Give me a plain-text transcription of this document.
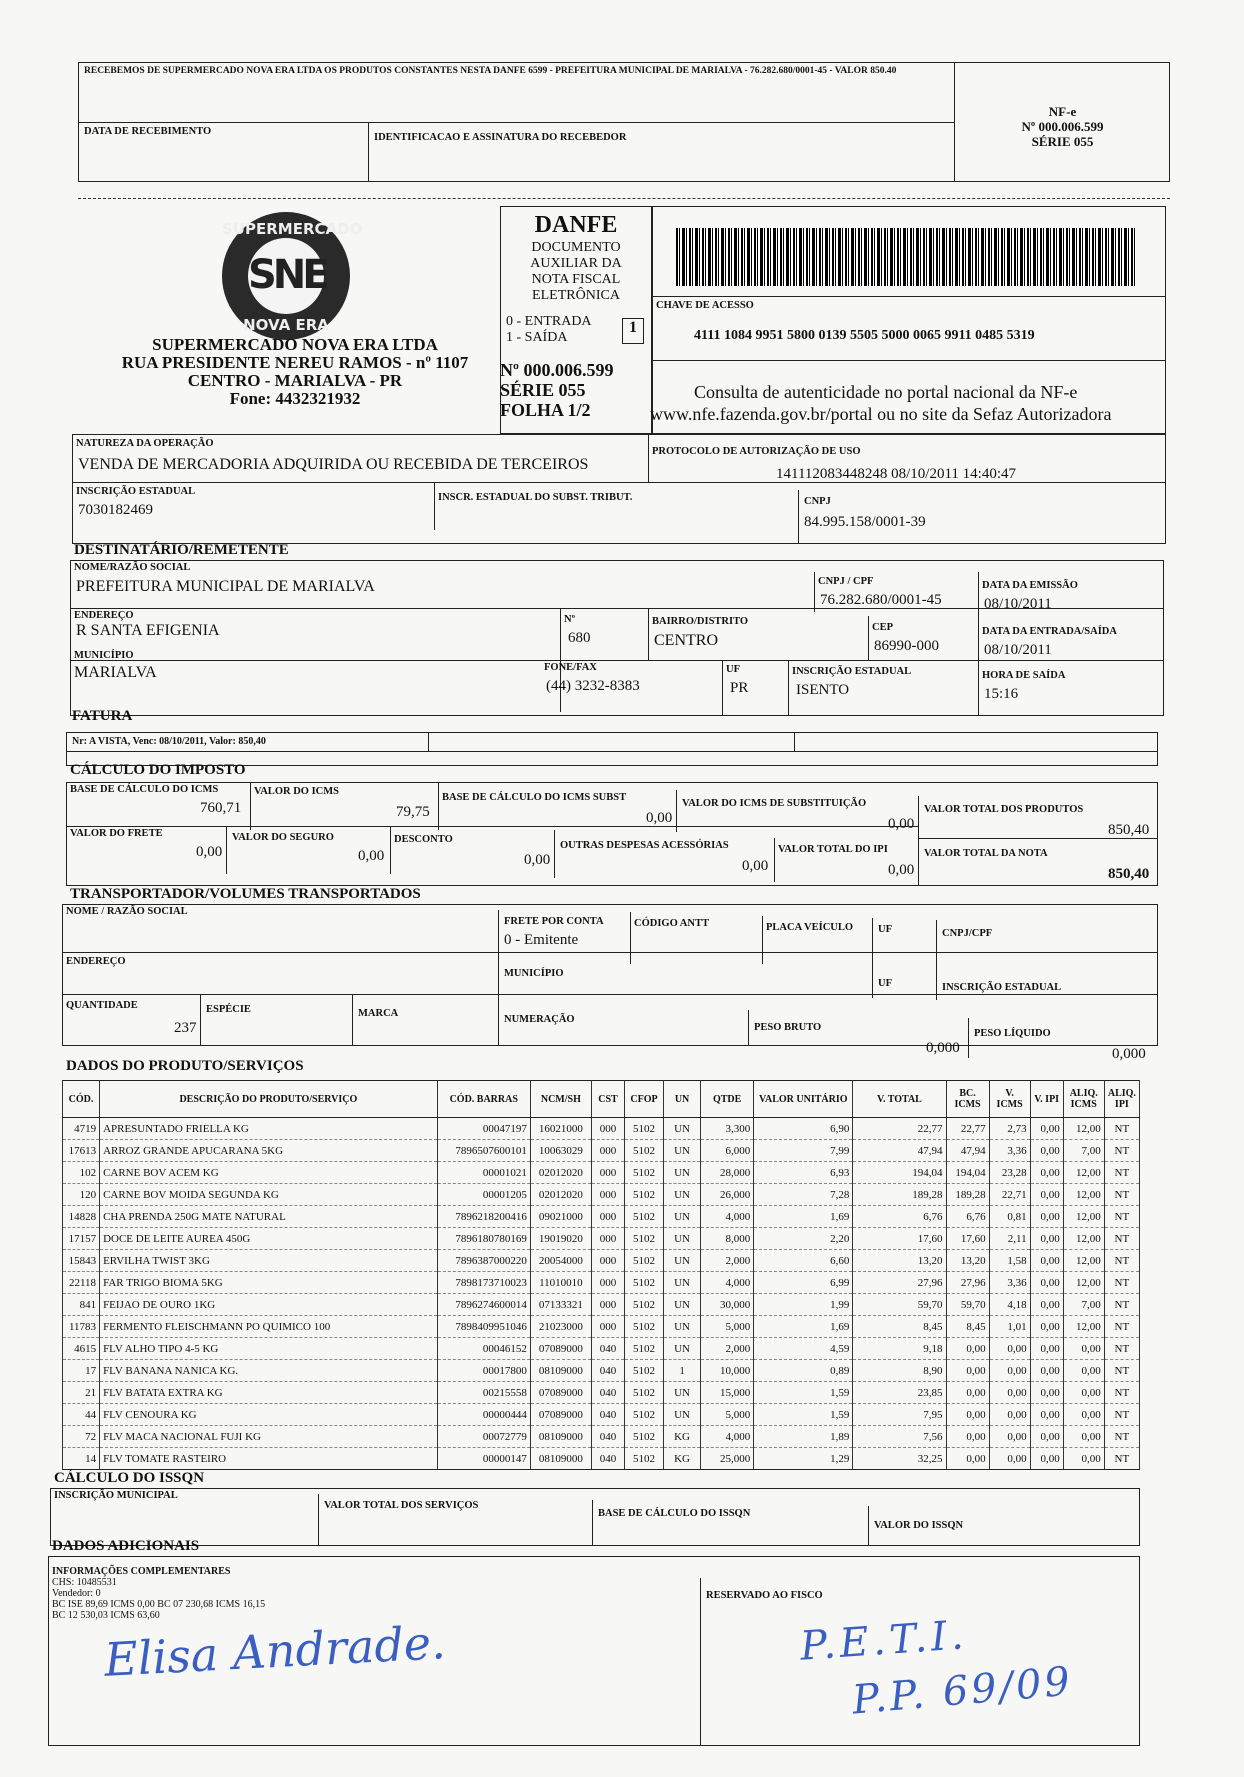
RECEBEMOS DE SUPERMERCADO NOVA ERA LTDA OS PRODUTOS CONSTANTES NESTA DANFE 6599 - PREFEITURA MUNICIPAL DE MARIALVA - 76.282.680/0001-45 - VALOR 850.40
DATA DE RECEBIMENTO
IDENTIFICACAO E ASSINATURA DO RECEBEDOR
NF-e
Nº 000.006.599
SÉRIE 055
SUPERMERCADO
SNE
NOVA ERA
SUPERMERCADO NOVA ERA LTDA
RUA PRESIDENTE NEREU RAMOS - nº 1107
CENTRO - MARIALVA - PR
Fone: 4432321932
DANFE
DOCUMENTO AUXILIAR DA NOTA FISCAL ELETRÔNICA
0 - ENTRADA
1 - SAÍDA
1
Nº 000.006.599
SÉRIE 055
FOLHA 1/2
CHAVE DE ACESSO
4111 1084 9951 5800 0139 5505 5000 0065 9911 0485 5319
Consulta de autenticidade no portal nacional da NF-e
www.nfe.fazenda.gov.br/portal ou no site da Sefaz Autorizadora
NATUREZA DA OPERAÇÃO
VENDA DE MERCADORIA ADQUIRIDA OU RECEBIDA DE TERCEIROS
PROTOCOLO DE AUTORIZAÇÃO DE USO
141112083448248 08/10/2011 14:40:47
INSCRIÇÃO ESTADUAL
7030182469
INSCR. ESTADUAL DO SUBST. TRIBUT.	CNPJ
84.995.158/0001-39
DESTINATÁRIO/REMETENTE
NOME/RAZÃO SOCIAL
PREFEITURA MUNICIPAL DE MARIALVA	CNPJ / CPF
76.282.680/0001-45
DATA DA EMISSÃO
08/10/2011
ENDEREÇO
R SANTA EFIGENIA
Nº
680
BAIRRO/DISTRITO
CENTRO
CEP
86990-000
DATA DA ENTRADA/SAÍDA
08/10/2011
MUNICÍPIO
MARIALVA	FONE/FAX
(44) 3232-8383
UF
PR
INSCRIÇÃO ESTADUAL
ISENTO
HORA DE SAÍDA
15:16
FATURA
Nr: A VISTA, Venc: 08/10/2011, Valor: 850,40
CÁLCULO DO IMPOSTO
BASE DE CÁLCULO DO ICMS
760,71
VALOR DO ICMS
79,75
BASE DE CÁLCULO DO ICMS SUBST
0,00
VALOR DO ICMS DE SUBSTITUIÇÃO
0,00
VALOR TOTAL DOS PRODUTOS
850,40
VALOR DO FRETE
0,00
VALOR DO SEGURO
0,00
DESCONTO
0,00
OUTRAS DESPESAS ACESSÓRIAS
0,00
VALOR TOTAL DO IPI
0,00
VALOR TOTAL DA NOTA
850,40
TRANSPORTADOR/VOLUMES TRANSPORTADOS
NOME / RAZÃO SOCIAL
FRETE POR CONTA
0 - Emitente
CÓDIGO ANTT	PLACA VEÍCULO UF	CNPJ/CPF
ENDEREÇO
MUNICÍPIO
UF	INSCRIÇÃO ESTADUAL
QUANTIDADE
237
ESPÉCIE	MARCA
NUMERAÇÃO
PESO BRUTO
0,000
PESO LÍQUIDO
0,000
DADOS DO PRODUTO/SERVIÇOS
CÓD.	DESCRIÇÃO DO PRODUTO/SERVIÇO	CÓD. BARRAS	NCM/SH	CST	CFOP	UN	QTDE	VALOR UNITÁRIO	V. TOTAL	BC. ICMS	V. ICMS	V. IPI	ALIQ. ICMS	ALIQ. IPI
4719	APRESUNTADO FRIELLA KG	00047197	16021000	000	5102	UN	3,300	6,90	22,77	22,77	2,73	0,00	12,00	NT
17613	ARROZ GRANDE APUCARANA 5KG	7896507600101	10063029	000	5102	UN	6,000	7,99	47,94	47,94	3,36	0,00	7,00	NT
102	CARNE BOV ACEM KG	00001021	02012020	000	5102	UN	28,000	6,93	194,04	194,04	23,28	0,00	12,00	NT
120	CARNE BOV MOIDA SEGUNDA KG	00001205	02012020	000	5102	UN	26,000	7,28	189,28	189,28	22,71	0,00	12,00	NT
14828	CHA PRENDA 250G MATE NATURAL	7896218200416	09021000	000	5102	UN	4,000	1,69	6,76	6,76	0,81	0,00	12,00	NT
17157	DOCE DE LEITE AUREA 450G	7896180780169	19019020	000	5102	UN	8,000	2,20	17,60	17,60	2,11	0,00	12,00	NT
15843	ERVILHA TWIST 3KG	7896387000220	20054000	000	5102	UN	2,000	6,60	13,20	13,20	1,58	0,00	12,00	NT
22118	FAR TRIGO BIOMA 5KG	7898173710023	11010010	000	5102	UN	4,000	6,99	27,96	27,96	3,36	0,00	12,00	NT
841	FEIJAO DE OURO 1KG	7896274600014	07133321	000	5102	UN	30,000	1,99	59,70	59,70	4,18	0,00	7,00	NT
11783	FERMENTO FLEISCHMANN PO QUIMICO 100	7898409951046	21023000	000	5102	UN	5,000	1,69	8,45	8,45	1,01	0,00	12,00	NT
4615	FLV ALHO TIPO 4-5 KG	00046152	07089000	040	5102	UN	2,000	4,59	9,18	0,00	0,00	0,00	0,00	NT
17	FLV BANANA NANICA KG.	00017800	08109000	040	5102	1	10,000	0,89	8,90	0,00	0,00	0,00	0,00	NT
21	FLV BATATA EXTRA KG	00215558	07089000	040	5102	UN	15,000	1,59	23,85	0,00	0,00	0,00	0,00	NT
44	FLV CENOURA KG	00000444	07089000	040	5102	UN	5,000	1,59	7,95	0,00	0,00	0,00	0,00	NT
72	FLV MACA NACIONAL FUJI KG	00072779	08109000	040	5102	KG	4,000	1,89	7,56	0,00	0,00	0,00	0,00	NT
14	FLV TOMATE RASTEIRO	00000147	08109000	040	5102	KG	25,000	1,29	32,25	0,00	0,00	0,00	0,00	NT
CÁLCULO DO ISSQN
INSCRIÇÃO MUNICIPAL
VALOR TOTAL DOS SERVIÇOS
BASE DE CÁLCULO DO ISSQN
VALOR DO ISSQN
DADOS ADICIONAIS
INFORMAÇÕES COMPLEMENTARES
CHS: 10485531
Vendedor: 0
BC ISE 89,69 ICMS 0,00 BC 07 230,68 ICMS 16,15
BC 12 530,03 ICMS 63,60
RESERVADO AO FISCO
Elisa Andrade.	P.E.T.I.
P.P. 69/09
